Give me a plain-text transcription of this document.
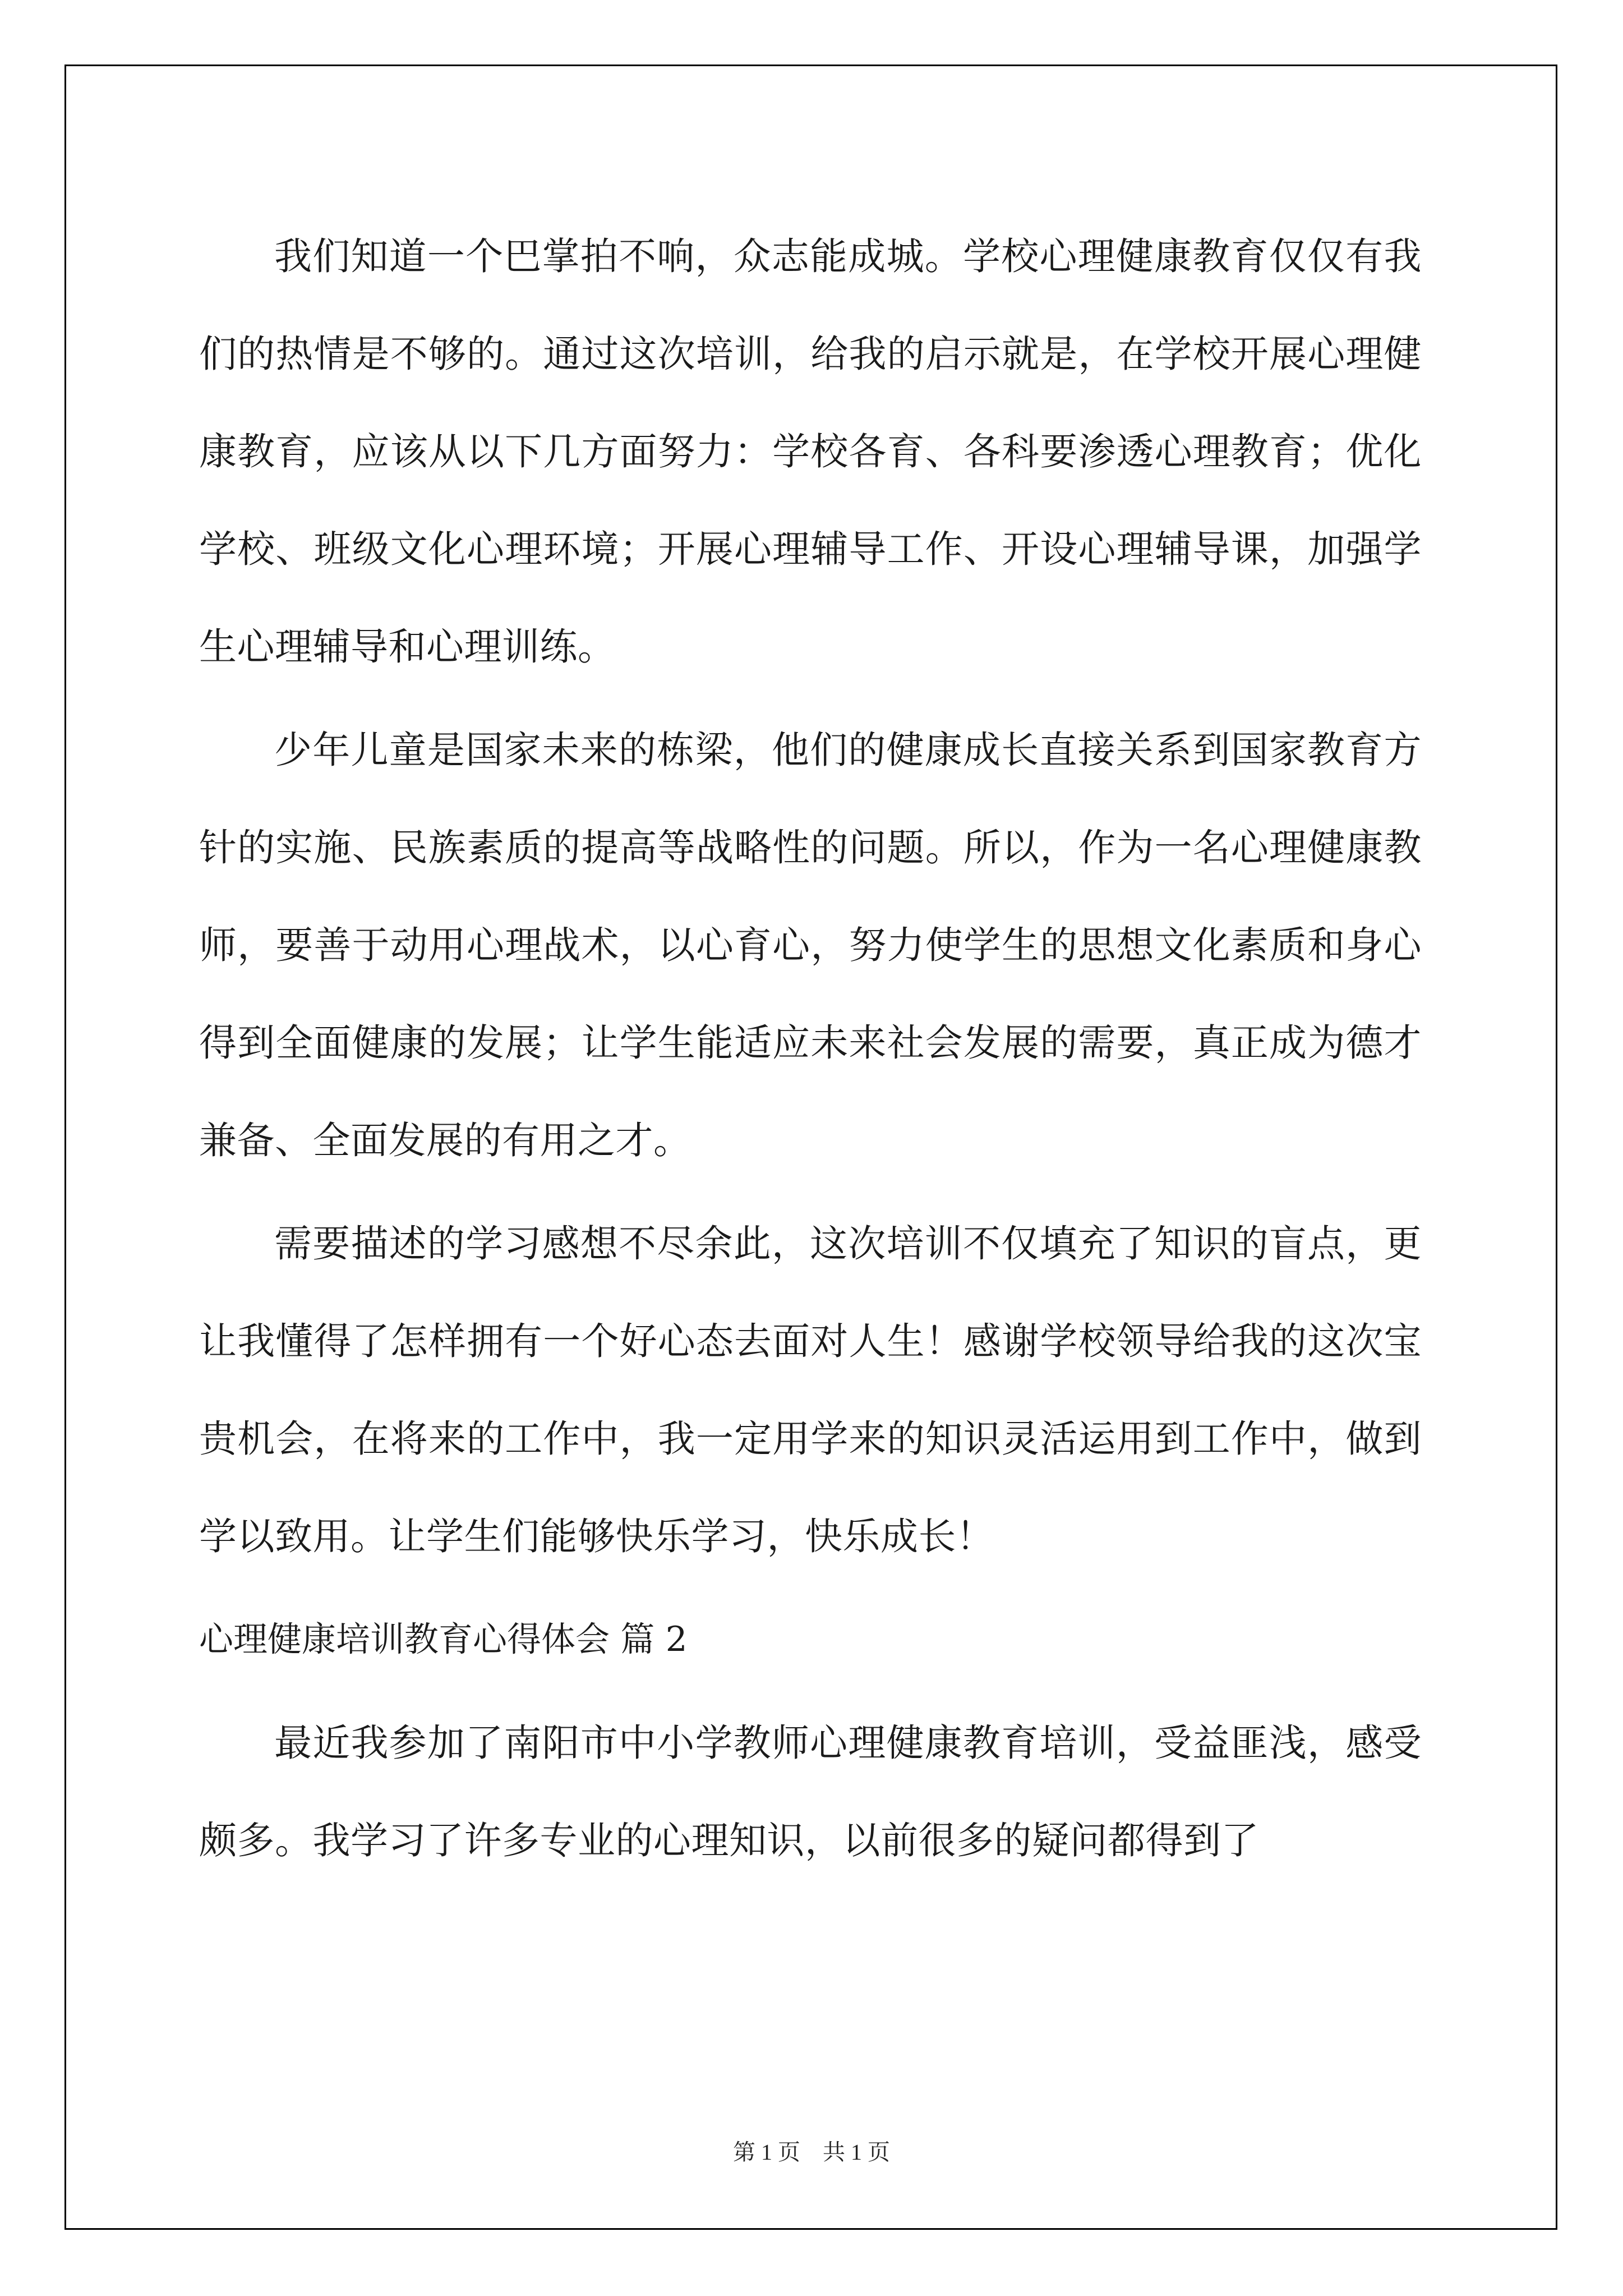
我们知道一个巴掌拍不响，众志能成城。学校心理健康教育仅仅有我们的热情是不够的。通过这次培训，给我的启示就是，在学校开展心理健康教育，应该从以下几方面努力：学校各育、各科要渗透心理教育；优化学校、班级文化心理环境；开展心理辅导工作、开设心理辅导课，加强学生心理辅导和心理训练。

少年儿童是国家未来的栋梁，他们的健康成长直接关系到国家教育方针的实施、民族素质的提高等战略性的问题。所以，作为一名心理健康教师，要善于动用心理战术，以心育心，努力使学生的思想文化素质和身心得到全面健康的发展；让学生能适应未来社会发展的需要，真正成为德才兼备、全面发展的有用之才。

需要描述的学习感想不尽余此，这次培训不仅填充了知识的盲点，更让我懂得了怎样拥有一个好心态去面对人生！感谢学校领导给我的这次宝贵机会，在将来的工作中，我一定用学来的知识灵活运用到工作中，做到学以致用。让学生们能够快乐学习，快乐成长！

心理健康培训教育心得体会 篇 2

最近我参加了南阳市中小学教师心理健康教育培训，受益匪浅，感受颇多。我学习了许多专业的心理知识，以前很多的疑问都得到了

第 1 页　共 1 页
